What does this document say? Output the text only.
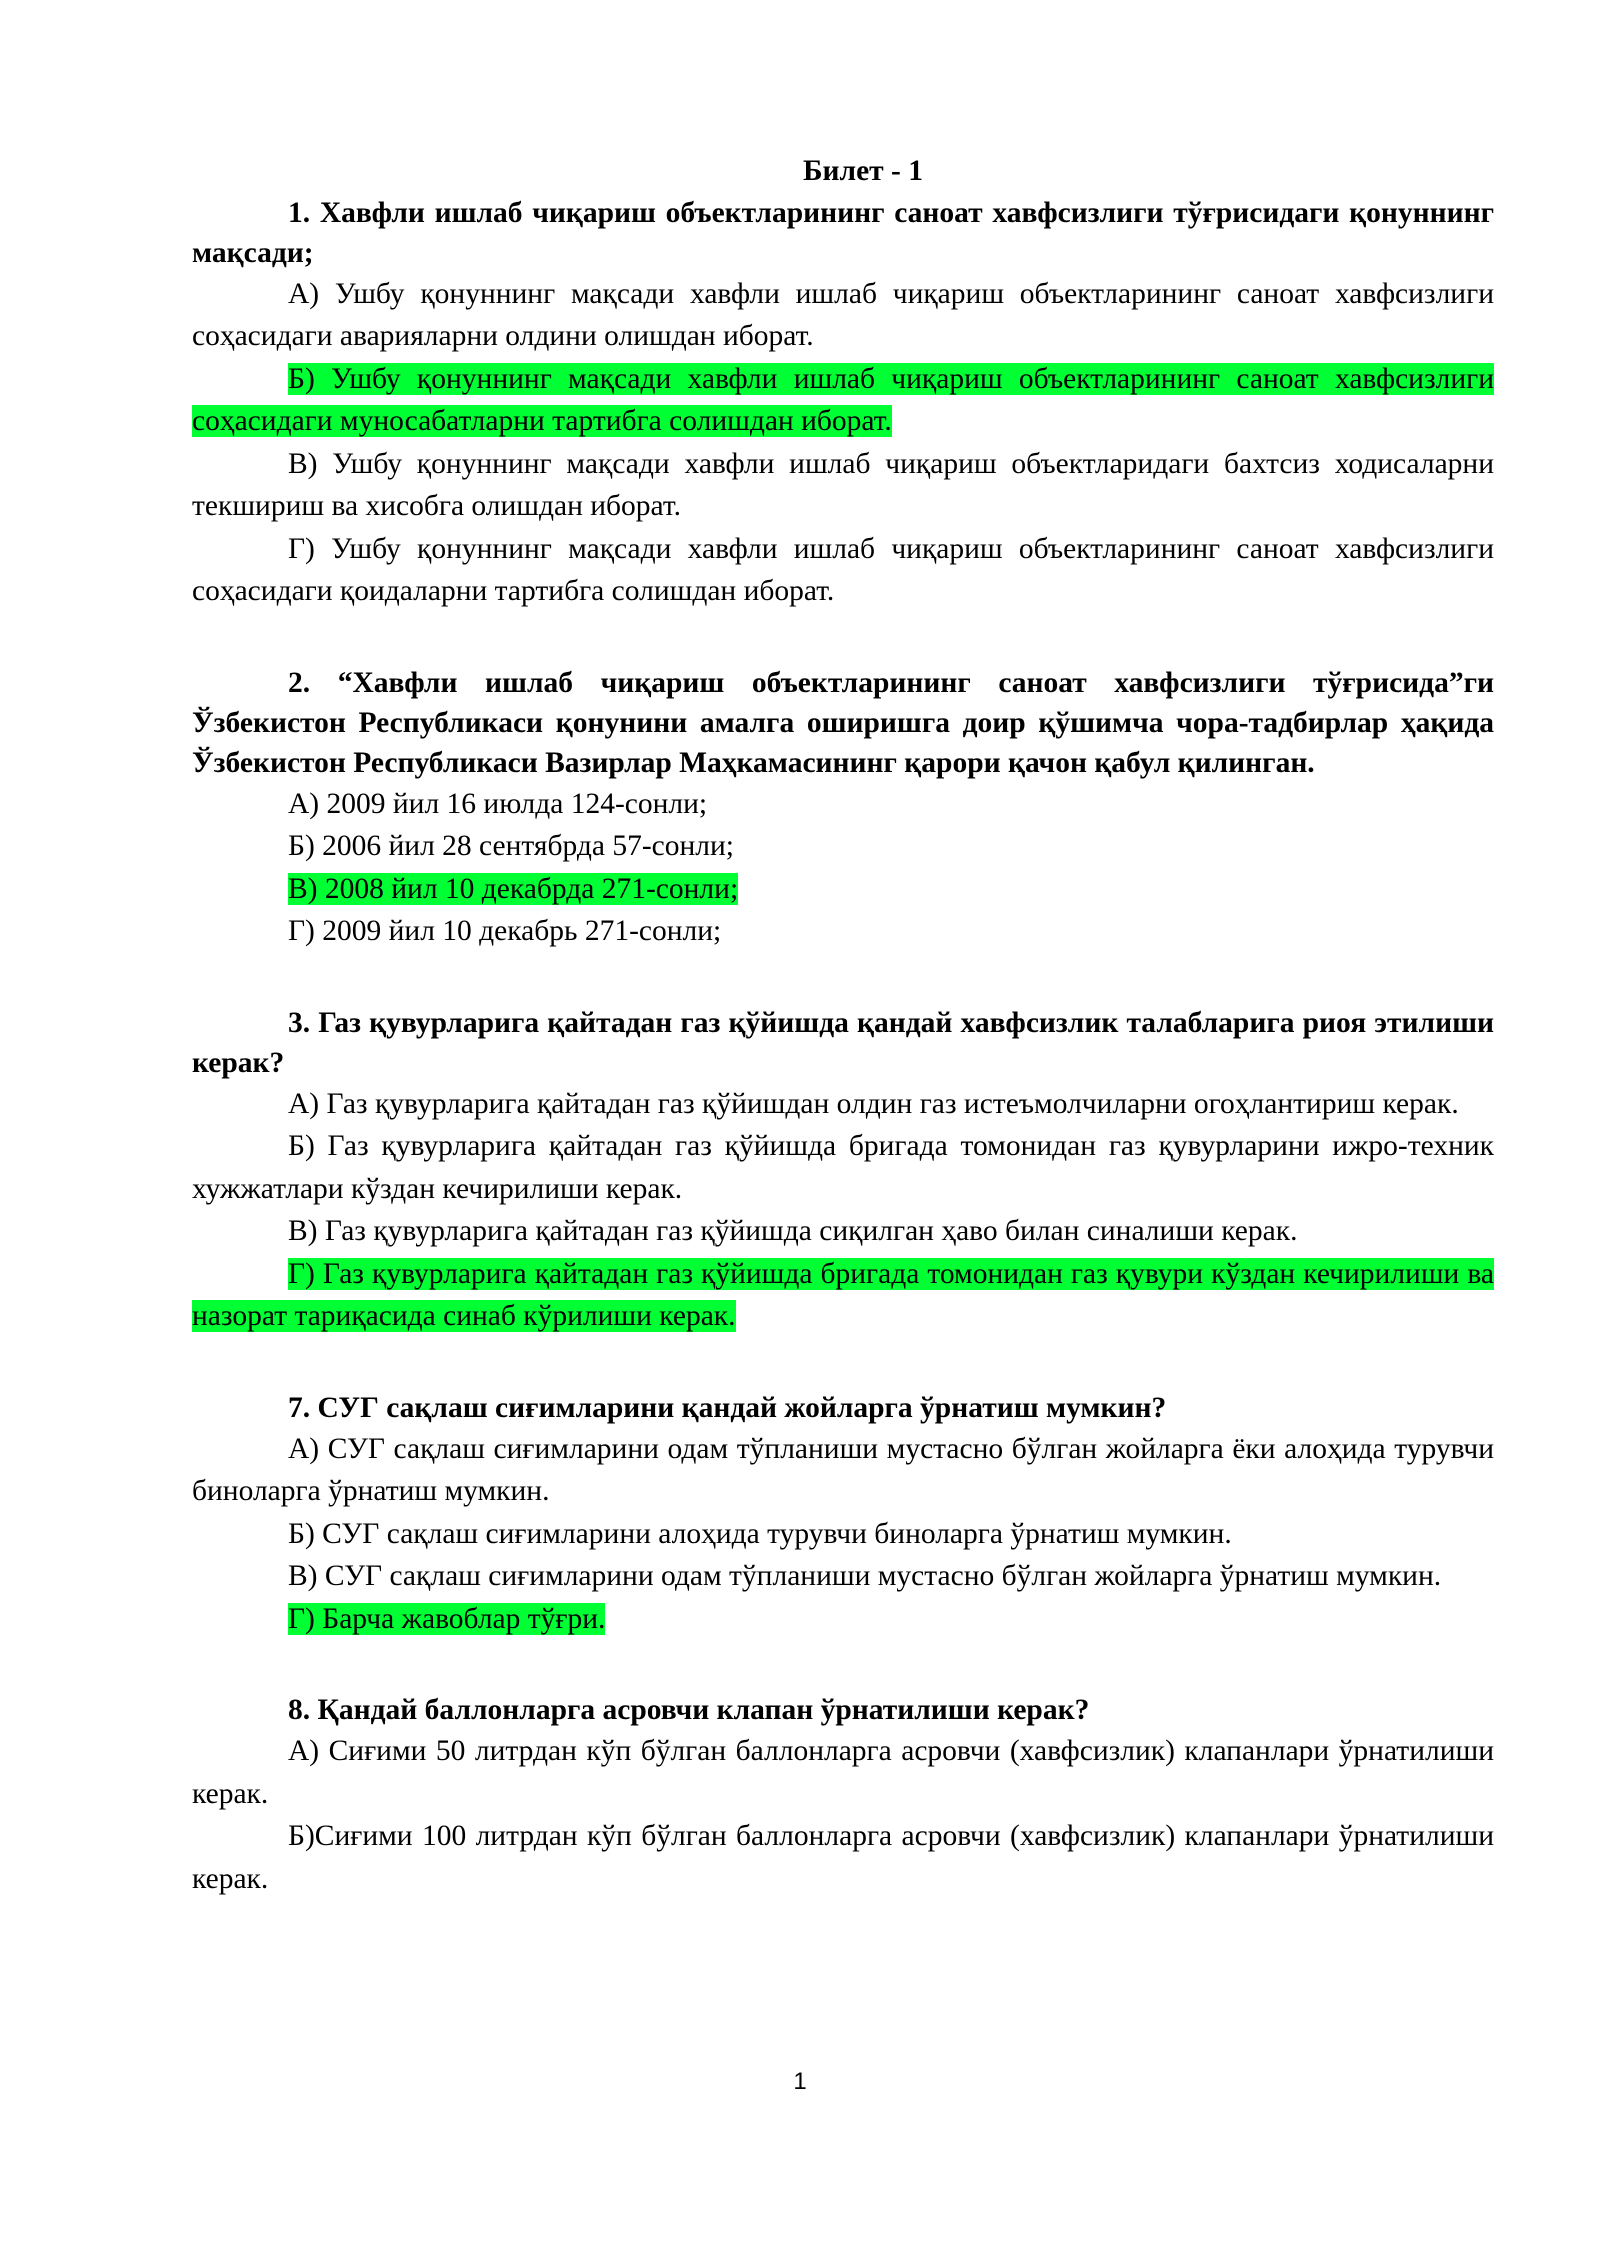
Билет - 1

1. Хавфли ишлаб чиқариш объектларининг саноат хавфсизлиги тўғрисидаги қонуннинг мақсади;

А) Ушбу қонуннинг мақсади хавфли ишлаб чиқариш объектларининг саноат хавфсизлиги соҳасидаги аварияларни олдини олишдан иборат.

Б) Ушбу қонуннинг мақсади хавфли ишлаб чиқариш объектларининг саноат хавфсизлиги соҳасидаги муносабатларни тартибга солишдан иборат.

В) Ушбу қонуннинг мақсади хавфли ишлаб чиқариш объектларидаги бахтсиз ходисаларни текшириш ва хисобга олишдан иборат.

Г) Ушбу қонуннинг мақсади хавфли ишлаб чиқариш объектларининг саноат хавфсизлиги соҳасидаги қоидаларни тартибга солишдан иборат.

2. “Хавфли ишлаб чиқариш объектларининг саноат хавфсизлиги тўғрисида”ги Ўзбекистон Республикаси қонунини амалга оширишга доир қўшимча чора-тадбирлар ҳақида Ўзбекистон Республикаси Вазирлар Маҳкамасининг қарори қачон қабул қилинган.

А) 2009 йил 16 июлда 124-сонли;

Б) 2006 йил 28 сентябрда 57-сонли;

В) 2008 йил 10 декабрда 271-сонли;

Г) 2009 йил 10 декабрь 271-сонли;

3. Газ қувурларига қайтадан газ қўйишда қандай хавфсизлик талабларига риоя этилиши керак?

А) Газ қувурларига қайтадан газ қўйишдан олдин газ истеъмолчиларни огоҳлантириш керак.

Б) Газ қувурларига қайтадан газ қўйишда бригада томонидан газ қувурларини ижро-техник хужжатлари кўздан кечирилиши керак.

В) Газ қувурларига қайтадан газ қўйишда сиқилган ҳаво билан синалиши керак.

Г) Газ қувурларига қайтадан газ қўйишда бригада томонидан газ қувури кўздан кечирилиши ва назорат тариқасида синаб кўрилиши керак.

7. СУГ сақлаш сиғимларини қандай жойларга ўрнатиш мумкин?

А) СУГ сақлаш сиғимларини одам тўпланиши мустасно бўлган жойларга ёки алоҳида турувчи биноларга ўрнатиш мумкин.

Б) СУГ сақлаш сиғимларини алоҳида турувчи биноларга ўрнатиш мумкин.

В) СУГ сақлаш сиғимларини одам тўпланиши мустасно бўлган жойларга ўрнатиш мумкин.

Г) Барча жавоблар тўғри.

8. Қандай баллонларга асровчи клапан ўрнатилиши керак?

А) Сиғими 50 литрдан кўп бўлган баллонларга асровчи (хавфсизлик) клапанлари ўрнатилиши керак.

Б)Сиғими 100 литрдан кўп бўлган баллонларга асровчи (хавфсизлик) клапанлари ўрнатилиши керак.

1
